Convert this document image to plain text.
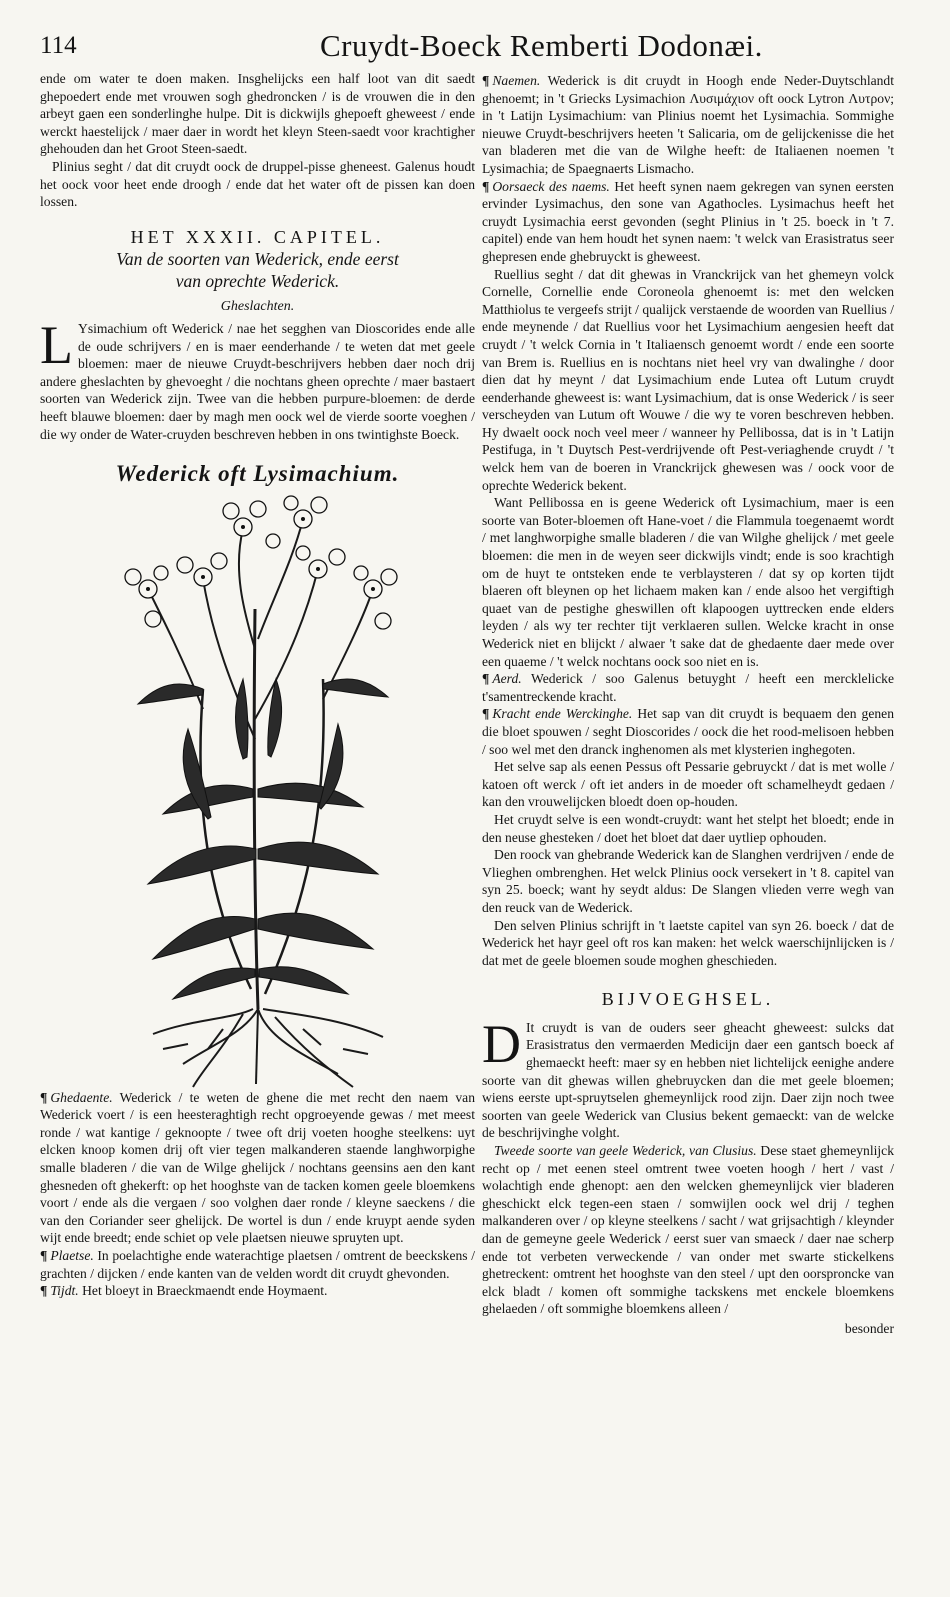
114	Cruydt-Boeck Remberti Dodonæi.

ende om water te doen maken. Insghelijcks een half loot van dit saedt ghepoedert ende met vrouwen sogh ghedroncken / is de vrouwen die in den arbeyt gaen een sonderlinghe hulpe. Dit is dickwijls ghepoeft gheweest / ende werckt haestelijck / maer daer in wordt het kleyn Steen-saedt voor krachtigher ghehouden dan het Groot Steen-saedt.

Plinius seght / dat dit cruydt oock de druppel-pisse gheneest. Galenus houdt het oock voor heet ende droogh / ende dat het water oft de pissen kan doen lossen.

HET XXXII. CAPITEL.
Van de soorten van Wederick, ende eerst
van oprechte Wederick.
Gheslachten.

L Ysimachium oft Wederick / nae het segghen van Dioscorides ende alle de oude schrijvers / en is maer eenderhande / te weten dat met geele bloemen: maer de nieuwe Cruydt-beschrijvers hebben daer noch drij andere gheslachten by ghevoeght / die nochtans gheen oprechte / maer bastaert soorten van Wederick zijn. Twee van die hebben purpure-bloemen: de derde heeft blauwe bloemen: daer by magh men oock wel de vierde soorte voeghen / die wy onder de Water-cruyden beschreven hebben in ons twintighste Boeck.

Wederick oft Lysimachium.

¶ Ghedaente. Wederick / te weten de ghene die met recht den naem van Wederick voert / is een heesteraghtigh recht opgroeyende gewas / met meest ronde / wat kantige / geknoopte / twee oft drij voeten hooghe steelkens: uyt elcken knoop komen drij oft vier tegen malkanderen staende langhworpighe smalle bladeren / die van de Wilge ghelijck / nochtans geensins aen den kant ghesneden oft ghekerft: op het hooghste van de tacken komen geele bloemkens voort / ende als die vergaen / soo volghen daer ronde / kleyne saeckens / die van den Coriander seer ghelijck. De wortel is dun / ende kruypt aende syden wijt ende breedt; ende schiet op vele plaetsen nieuwe spruyten upt.

¶ Plaetse. In poelachtighe ende waterachtige plaetsen / omtrent de beeckskens / grachten / dijcken / ende kanten van de velden wordt dit cruydt ghevonden.

¶ Tijdt. Het bloeyt in Braeckmaendt ende Hoymaent.

¶ Naemen. Wederick is dit cruydt in Hoogh ende Neder-Duytschlandt ghenoemt; in 't Griecks Lysimachion Λυσιμάχιον oft oock Lytron Λυτρον; in 't Latijn Lysimachium: van Plinius noemt het Lysimachia. Sommighe nieuwe Cruydt-beschrijvers heeten 't Salicaria, om de gelijckenisse die het van bladeren met die van de Wilghe heeft: de Italiaenen noemen 't Lysimachia; de Spaegnaerts Lismacho.

¶ Oorsaeck des naems. Het heeft synen naem gekregen van synen eersten ervinder Lysimachus, den sone van Agathocles. Lysimachus heeft het cruydt Lysimachia eerst gevonden (seght Plinius in 't 25. boeck in 't 7. capitel) ende van hem houdt het synen naem: 't welck van Erasistratus seer ghepresen ende ghebruyckt is gheweest.

Ruellius seght / dat dit ghewas in Vranckrijck van het ghemeyn volck Cornelle, Cornellie ende Coroneola ghenoemt is: met den welcken Matthiolus te vergeefs strijt / qualijck verstaende de woorden van Ruellius / ende meynende / dat Ruellius voor het Lysimachium aengesien heeft dat cruydt / 't welck Cornia in 't Italiaensch genoemt wordt / ende een soorte van Brem is. Ruellius en is nochtans niet heel vry van dwalinghe / door dien dat hy meynt / dat Lysimachium ende Lutea oft Lutum cruydt eenderhande gheweest is: want Lysimachium, dat is onse Wederick / is seer verscheyden van Lutum oft Wouwe / die wy te voren beschreven hebben. Hy dwaelt oock noch veel meer / wanneer hy Pellibossa, dat is in 't Latijn Pestifuga, in 't Duytsch Pest-verdrijvende oft Pest-veriaghende cruydt / 't welck hem van de boeren in Vranckrijck ghewesen was / oock voor de oprechte Wederick bekent.

Want Pellibossa en is geene Wederick oft Lysimachium, maer is een soorte van Boter-bloemen oft Hane-voet / die Flammula toegenaemt wordt / met langhworpighe smalle bladeren / die van Wilghe ghelijck / met geele bloemen: die men in de weyen seer dickwijls vindt; ende is soo krachtigh om de huyt te ontsteken ende te verblaysteren / dat sy op korten tijdt blaeren oft bleynen op het lichaem maken kan / ende alsoo het vergiftigh quaet van de pestighe gheswillen oft klapoogen uyttrecken ende elders leyden / als wy ter rechter tijt verklaeren sullen. Welcke kracht in onse Wederick niet en blijckt / alwaer 't sake dat de ghedaente daer mede over een quaeme / 't welck nochtans oock soo niet en is.

¶ Aerd. Wederick / soo Galenus betuyght / heeft een mercklelicke t'samentreckende kracht.

¶ Kracht ende Werckinghe. Het sap van dit cruydt is bequaem den genen die bloet spouwen / seght Dioscorides / oock die het rood-melisoen hebben / soo wel met den dranck inghenomen als met klysterien inghegoten.

Het selve sap als eenen Pessus oft Pessarie gebruyckt / dat is met wolle / katoen oft werck / oft iet anders in de moeder oft schamelheydt gedaen / kan den vrouwelijcken bloedt doen op-houden.

Het cruydt selve is een wondt-cruydt: want het stelpt het bloedt; ende in den neuse ghesteken / doet het bloet dat daer uytliep ophouden.

Den roock van ghebrande Wederick kan de Slanghen verdrijven / ende de Vlieghen ombrenghen. Het welck Plinius oock versekert in 't 8. capitel van syn 25. boeck; want hy seydt aldus: De Slangen vlieden verre wegh van den reuck van de Wederick.

Den selven Plinius schrijft in 't laetste capitel van syn 26. boeck / dat de Wederick het hayr geel oft ros kan maken: het welck waerschijnlijcken is / dat met de geele bloemen soude moghen gheschieden.

BIJVOEGHSEL.

D It cruydt is van de ouders seer gheacht gheweest: sulcks dat Erasistratus den vermaerden Medicijn daer een gantsch boeck af ghemaeckt heeft: maer sy en hebben niet lichtelijck eenighe andere soorte van dit ghewas willen ghebruycken dan die met geele bloemen; wiens eerste upt-spruytselen ghemeynlijck rood zijn. Daer zijn noch twee soorten van geele Wederick van Clusius bekent gemaeckt: van de welcke de beschrijvinghe volght.

Tweede soorte van geele Wederick, van Clusius. Dese staet ghemeynlijck recht op / met eenen steel omtrent twee voeten hoogh / hert / vast / wolachtigh ende ghenopt: aen den welcken ghemeynlijck vier bladeren gheschickt elck tegen-een staen / somwijlen oock wel drij / teghen malkanderen over / op kleyne steelkens / sacht / wat grijsachtigh / kleynder dan de gemeyne geele Wederick / eerst suer van smaeck / daer nae scherp ende tot verbeten verweckende / van onder met swarte stickelkens ghetreckent: omtrent het hooghste van den steel / upt den oorsproncke van elck bladt / komen oft sommighe tackskens met enckele bloemkens ghelaeden / oft sommighe bloemkens alleen /

besonder
